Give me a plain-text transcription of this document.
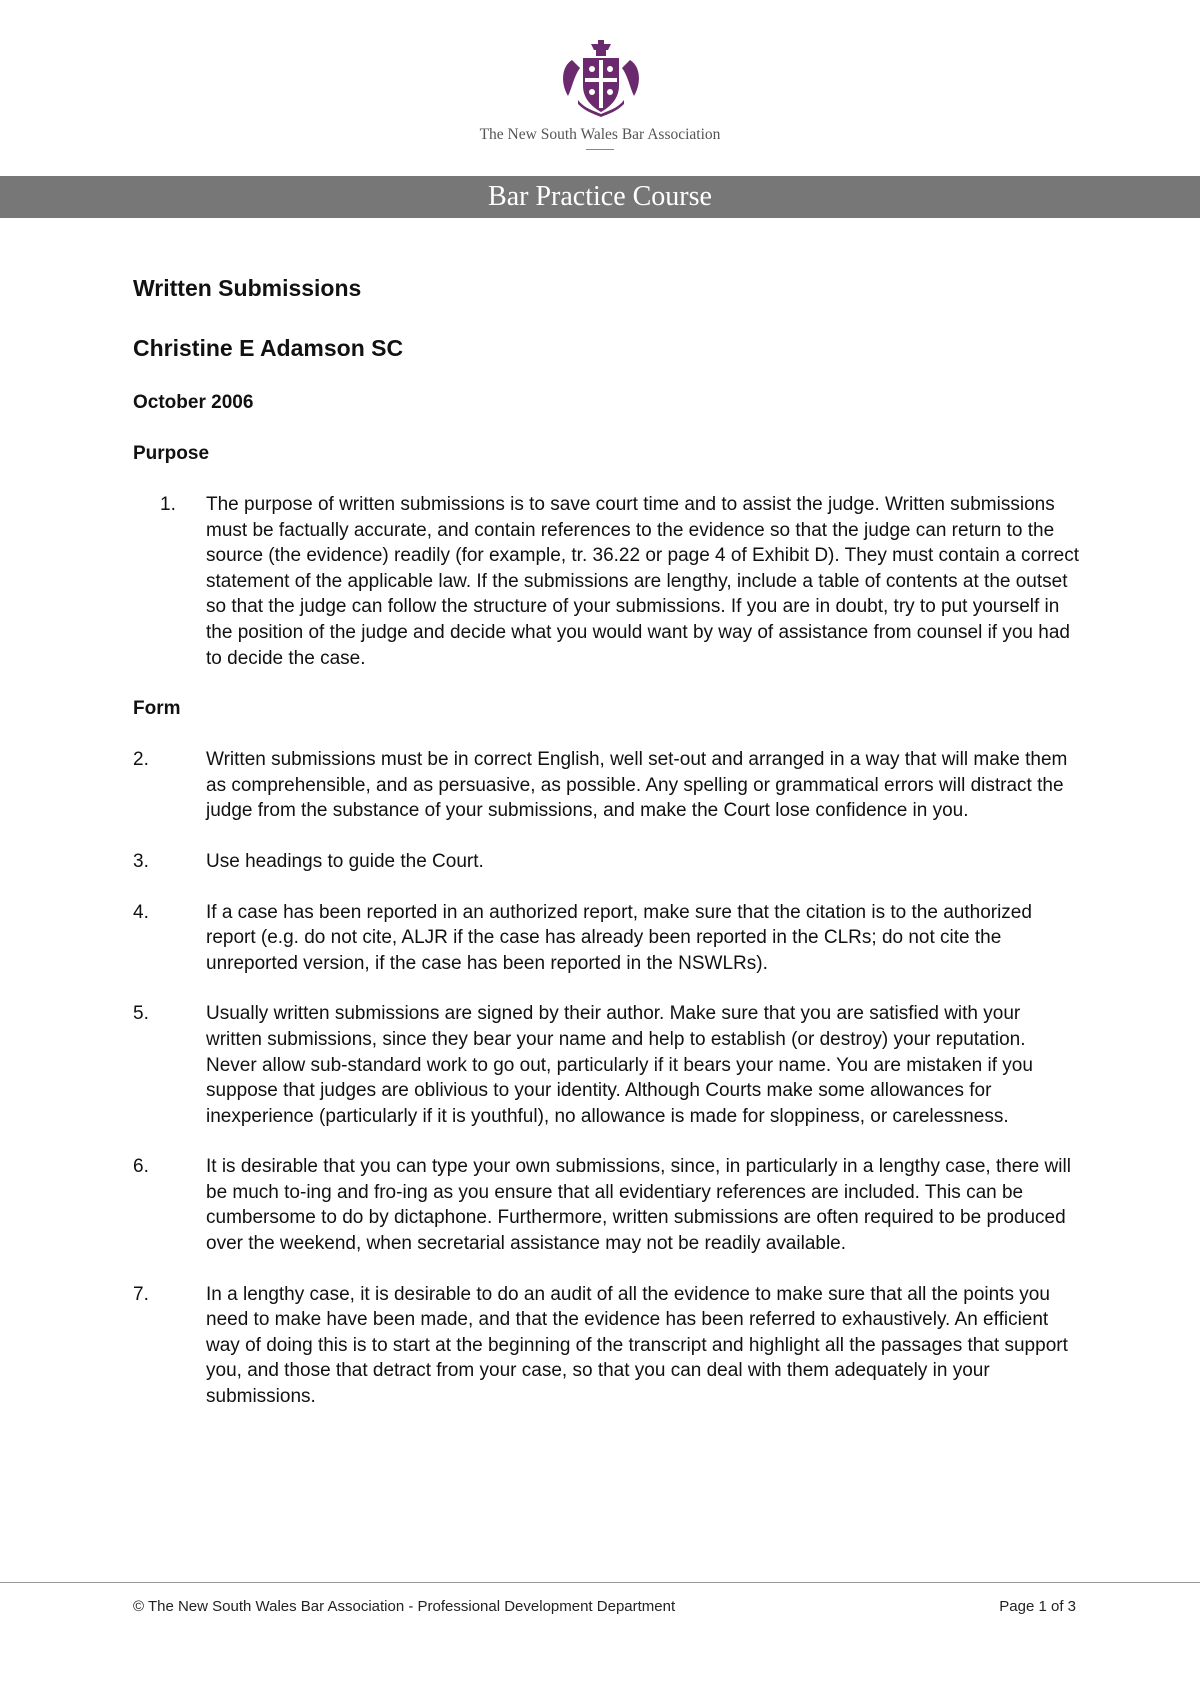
The New South Wales Bar Association
Bar Practice Course
Written Submissions
Christine E Adamson SC
October 2006
Purpose
1. The purpose of written submissions is to save court time and to assist the judge. Written submissions must be factually accurate, and contain references to the evidence so that the judge can return to the source (the evidence) readily (for example, tr. 36.22 or page 4 of Exhibit D). They must contain a correct statement of the applicable law. If the submissions are lengthy, include a table of contents at the outset so that the judge can follow the structure of your submissions. If you are in doubt, try to put yourself in the position of the judge and decide what you would want by way of assistance from counsel if you had to decide the case.
Form
2.	Written submissions must be in correct English, well set-out and arranged in a way that will make them as comprehensible, and as persuasive, as possible. Any spelling or grammatical errors will distract the judge from the substance of your submissions, and make the Court lose confidence in you.
3.	Use headings to guide the Court.
4.	If a case has been reported in an authorized report, make sure that the citation is to the authorized report (e.g. do not cite, ALJR if the case has already been reported in the CLRs; do not cite the unreported version, if the case has been reported in the NSWLRs).
5.	Usually written submissions are signed by their author. Make sure that you are satisfied with your written submissions, since they bear your name and help to establish (or destroy) your reputation. Never allow sub-standard work to go out, particularly if it bears your name. You are mistaken if you suppose that judges are oblivious to your identity. Although Courts make some allowances for inexperience (particularly if it is youthful), no allowance is made for sloppiness, or carelessness.
6.	It is desirable that you can type your own submissions, since, in particularly in a lengthy case, there will be much to-ing and fro-ing as you ensure that all evidentiary references are included. This can be cumbersome to do by dictaphone. Furthermore, written submissions are often required to be produced over the weekend, when secretarial assistance may not be readily available.
7.	In a lengthy case, it is desirable to do an audit of all the evidence to make sure that all the points you need to make have been made, and that the evidence has been referred to exhaustively. An efficient way of doing this is to start at the beginning of the transcript and highlight all the passages that support you, and those that detract from your case, so that you can deal with them adequately in your submissions.
© The New South Wales Bar Association - Professional Development Department	Page 1 of 3
